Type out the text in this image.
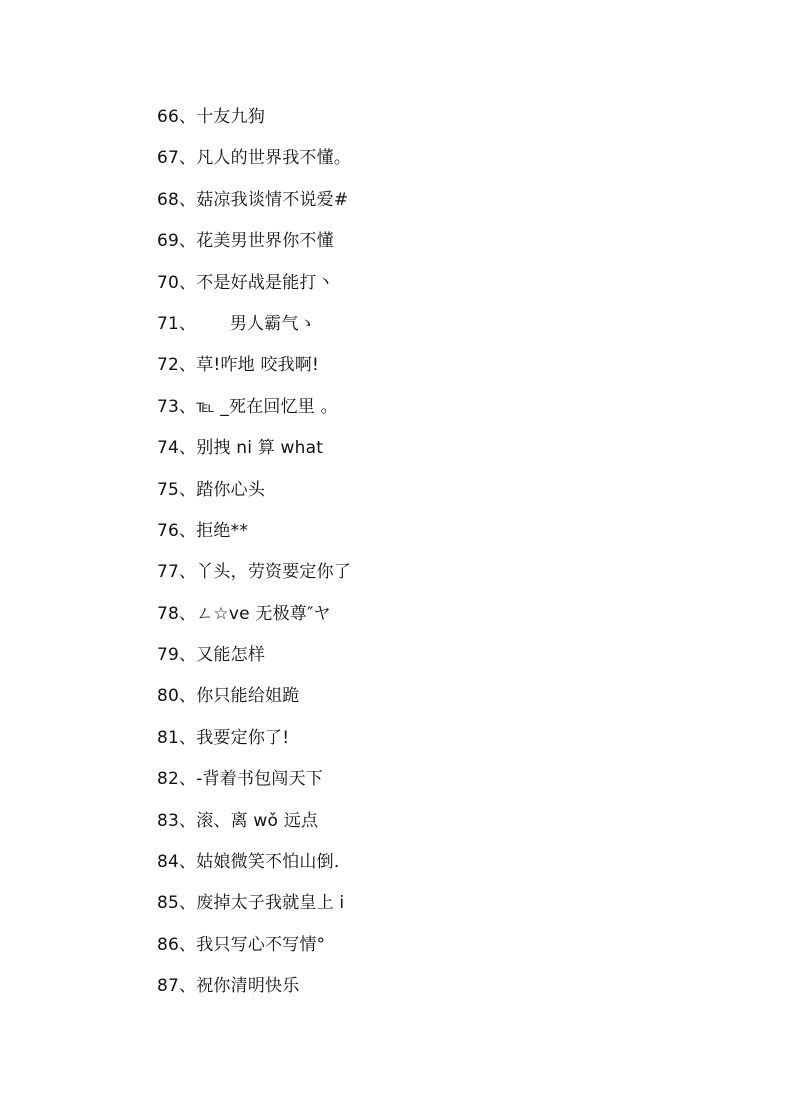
66、十友九狗
67、凡人的世界我不懂。
68、菇凉我谈情不说爱#
69、花美男世界你不懂
70、不是好战是能打丶
71、      男人霸气ゝ
72、草!咋地 咬我啊!
73、℡ _死在回忆里 。
74、别拽 ni 算 what
75、踏你心头
76、拒绝**
77、丫头，劳资要定你了
78、ㄥ☆ve 无极尊″ヤ
79、又能怎样
80、你只能给姐跪
81、我要定你了!
82、-背着书包闯天下
83、滚、离 wǒ 远点
84、姑娘微笑不怕山倒.
85、废掉太子我就皇上 i
86、我只写心不写情°
87、祝你清明快乐
